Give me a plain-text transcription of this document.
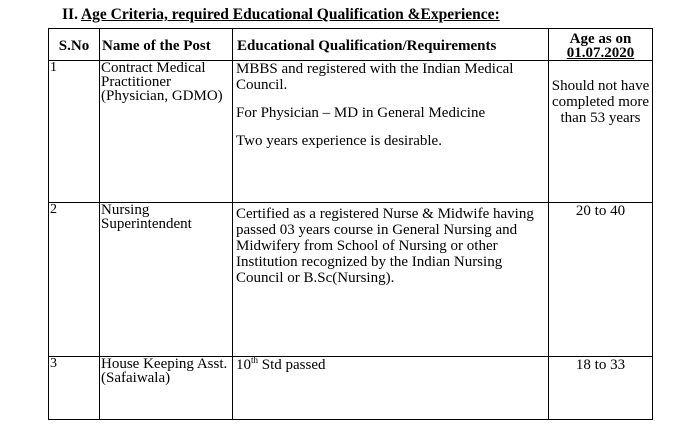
II. Age Criteria, required Educational Qualification &Experience:
S.No	Name of the Post	Educational Qualification/Requirements	Age as on
01.07.2020

1	Contract Medical Practitioner (Physician, GDMO)	MBBS and registered with the Indian Medical Council.
For Physician – MD in General Medicine
Two years experience is desirable.	Should not have completed more than 53 years
2	Nursing Superintendent	Certified as a registered Nurse & Midwife having passed 03 years course in General Nursing and Midwifery from School of Nursing or other Institution recognized by the Indian Nursing Council or B.Sc(Nursing).	20 to 40
3	House Keeping Asst. (Safaiwala)	10th Std passed	18 to 33
